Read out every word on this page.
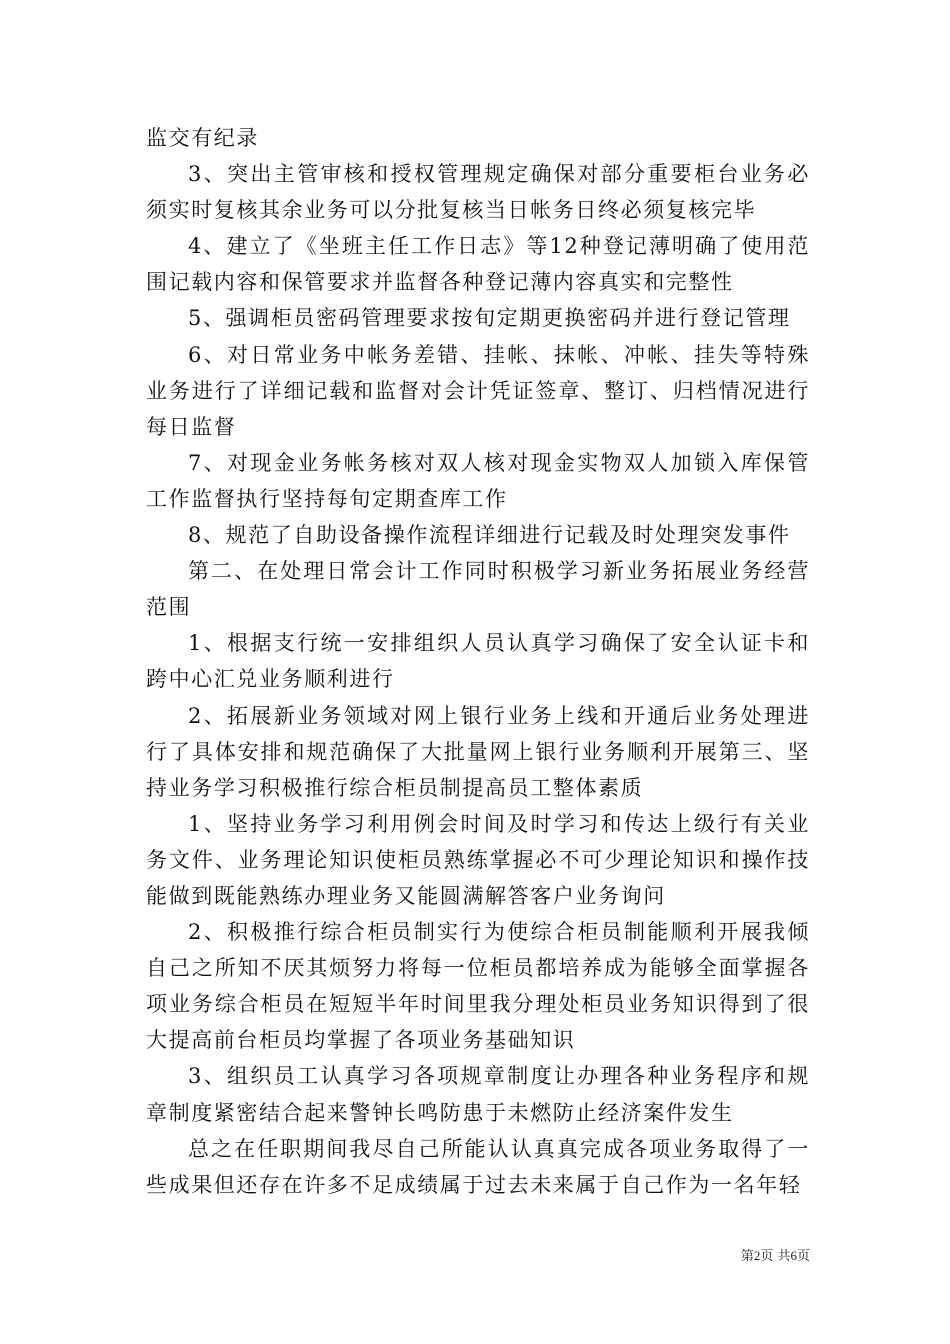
监交有纪录

3、突出主管审核和授权管理规定确保对部分重要柜台业务必须实时复核其余业务可以分批复核当日帐务日终必须复核完毕

4、建立了《坐班主任工作日志》等12种登记薄明确了使用范围记载内容和保管要求并监督各种登记薄内容真实和完整性

5、强调柜员密码管理要求按旬定期更换密码并进行登记管理

6、对日常业务中帐务差错、挂帐、抹帐、冲帐、挂失等特殊业务进行了详细记载和监督对会计凭证签章、整订、归档情况进行每日监督

7、对现金业务帐务核对双人核对现金实物双人加锁入库保管工作监督执行坚持每旬定期查库工作

8、规范了自助设备操作流程详细进行记载及时处理突发事件

第二、在处理日常会计工作同时积极学习新业务拓展业务经营范围

1、根据支行统一安排组织人员认真学习确保了安全认证卡和跨中心汇兑业务顺利进行

2、拓展新业务领域对网上银行业务上线和开通后业务处理进行了具体安排和规范确保了大批量网上银行业务顺利开展第三、坚持业务学习积极推行综合柜员制提高员工整体素质

1、坚持业务学习利用例会时间及时学习和传达上级行有关业务文件、业务理论知识使柜员熟练掌握必不可少理论知识和操作技能做到既能熟练办理业务又能圆满解答客户业务询问

2、积极推行综合柜员制实行为使综合柜员制能顺利开展我倾自己之所知不厌其烦努力将每一位柜员都培养成为能够全面掌握各项业务综合柜员在短短半年时间里我分理处柜员业务知识得到了很大提高前台柜员均掌握了各项业务基础知识

3、组织员工认真学习各项规章制度让办理各种业务程序和规章制度紧密结合起来警钟长鸣防患于未燃防止经济案件发生

总之在任职期间我尽自己所能认认真真完成各项业务取得了一些成果但还存在许多不足成绩属于过去未来属于自己作为一名年轻

第2页 共6页
